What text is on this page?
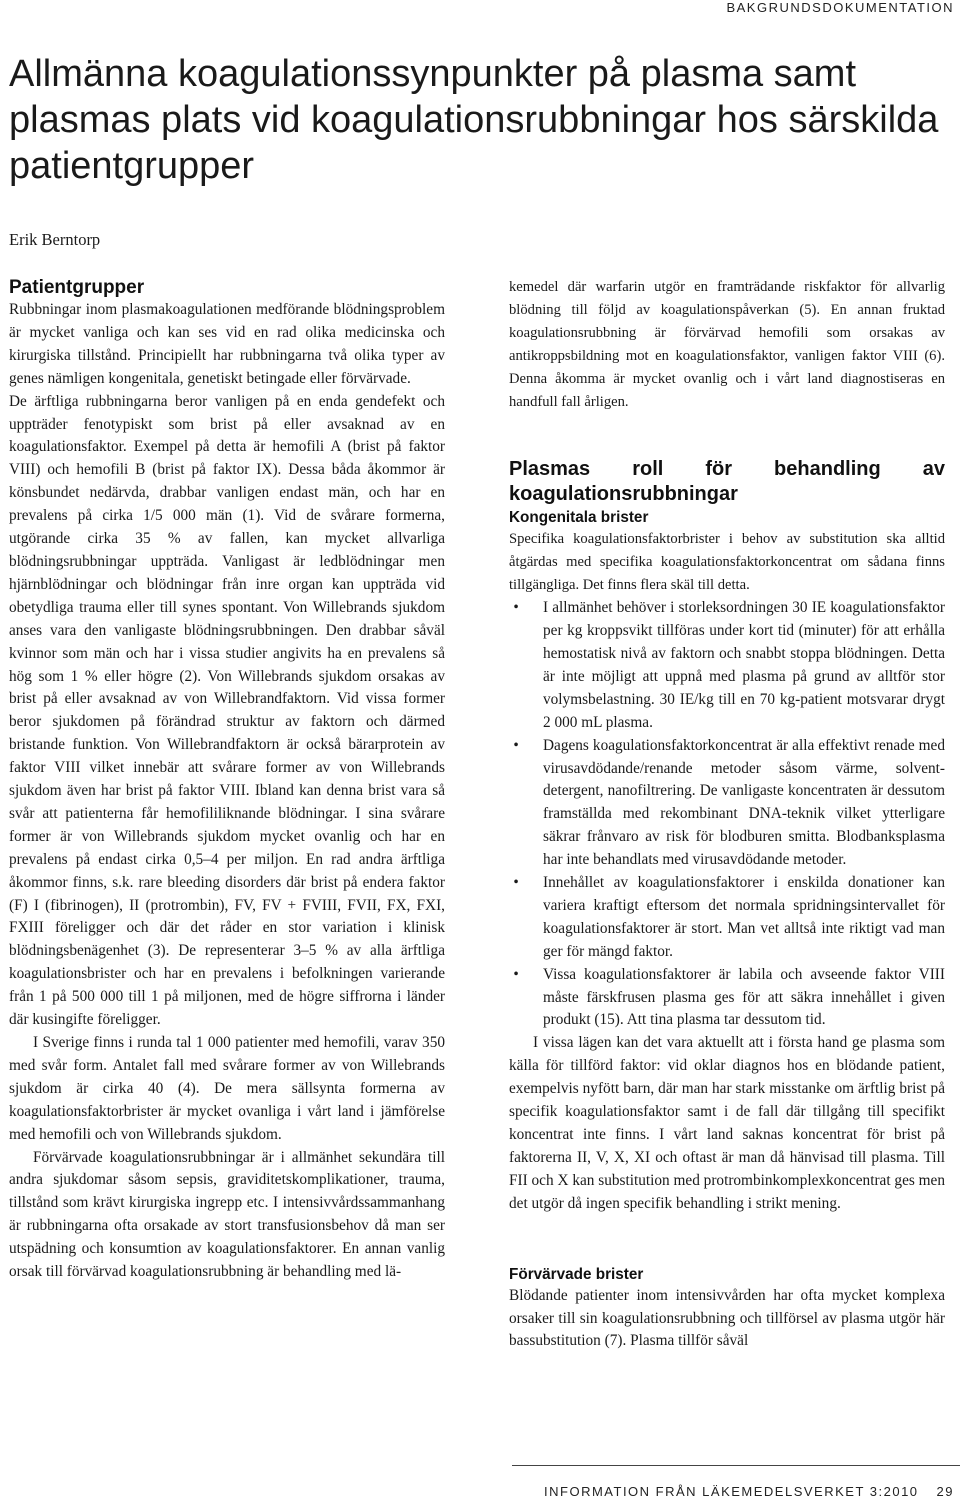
BAKGRUNDSDOKUMENTATION
Allmänna koagulationssynpunkter på plasma samt plasmas plats vid koagulationsrubbningar hos särskilda patientgrupper
Erik Berntorp
Patientgrupper

Rubbningar inom plasmakoagulationen medförande blödningsproblem är mycket vanliga och kan ses vid en rad olika medicinska och kirurgiska tillstånd. Principiellt har rubbningarna två olika typer av genes nämligen kongenitala, genetiskt betingade eller förvärvade.

De ärftliga rubbningarna beror vanligen på en enda gendefekt och uppträder fenotypiskt som brist på eller avsaknad av en koagulationsfaktor. Exempel på detta är hemofili A (brist på faktor VIII) och hemofili B (brist på faktor IX). Dessa båda åkommor är könsbundet nedärvda, drabbar vanligen endast män, och har en prevalens på cirka 1/5 000 män (1). Vid de svårare formerna, utgörande cirka 35 % av fallen, kan mycket allvarliga blödningsrubbningar uppträda. Vanligast är ledblödningar men hjärnblödningar och blödningar från inre organ kan uppträda vid obetydliga trauma eller till synes spontant. Von Willebrands sjukdom anses vara den vanligaste blödningsrubbningen. Den drabbar såväl kvinnor som män och har i vissa studier angivits ha en prevalens så hög som 1 % eller högre (2). Von Willebrands sjukdom orsakas av brist på eller avsaknad av von Willebrandfaktorn. Vid vissa former beror sjukdomen på förändrad struktur av faktorn och därmed bristande funktion. Von Willebrandfaktorn är också bärarprotein av faktor VIII vilket innebär att svårare former av von Willebrands sjukdom även har brist på faktor VIII. Ibland kan denna brist vara så svår att patienterna får hemofililiknande blödningar. I sina svårare former är von Willebrands sjukdom mycket ovanlig och har en prevalens på endast cirka 0,5–4 per miljon. En rad andra ärftliga åkommor finns, s.k. rare bleeding disorders där brist på endera faktor (F) I (fibrinogen), II (protrombin), FV, FV + FVIII, FVII, FX, FXI, FXIII föreligger och där det råder en stor variation i klinisk blödningsbenägenhet (3). De representerar 3–5 % av alla ärftliga koagulationsbrister och har en prevalens i befolkningen varierande från 1 på 500 000 till 1 på miljonen, med de högre siffrorna i länder där kusingifte föreligger.

I Sverige finns i runda tal 1 000 patienter med hemofili, varav 350 med svår form. Antalet fall med svårare former av von Willebrands sjukdom är cirka 40 (4). De mera sällsynta formerna av koagulationsfaktorbrister är mycket ovanliga i vårt land i jämförelse med hemofili och von Willebrands sjukdom.

Förvärvade koagulationsrubbningar är i allmänhet sekundära till andra sjukdomar såsom sepsis, graviditetskomplikationer, trauma, tillstånd som krävt kirurgiska ingrepp etc. I intensivvårdssammanhang är rubbningarna ofta orsakade av stort transfusionsbehov då man ser utspädning och konsumtion av koagulationsfaktorer. En annan vanlig orsak till förvärvad koagulationsrubbning är behandling med lä-

kemedel där warfarin utgör en framträdande riskfaktor för allvarlig blödning till följd av koagulationspåverkan (5). En annan fruktad koagulationsrubbning är förvärvad hemofili som orsakas av antikroppsbildning mot en koagulationsfaktor, vanligen faktor VIII (6). Denna åkomma är mycket ovanlig och i vårt land diagnostiseras en handfull fall årligen.

Plasmas roll för behandling av koagulationsrubbningar
Kongenitala brister

Specifika koagulationsfaktorbrister i behov av substitution ska alltid åtgärdas med specifika koagulationsfaktorkoncentrat om sådana finns tillgängliga. Det finns flera skäl till detta.

• I allmänhet behöver i storleksordningen 30 IE koagulationsfaktor per kg kroppsvikt tillföras under kort tid (minuter) för att erhålla hemostatisk nivå av faktorn och snabbt stoppa blödningen. Detta är inte möjligt att uppnå med plasma på grund av alltför stor volymsbelastning. 30 IE/kg till en 70 kg-patient motsvarar drygt 2 000 mL plasma.
• Dagens koagulationsfaktorkoncentrat är alla effektivt renade med virusavdödande/renande metoder såsom värme, solvent-detergent, nanofiltrering. De vanligaste koncentraten är dessutom framställda med rekombinant DNA-teknik vilket ytterligare säkrar frånvaro av risk för blodburen smitta. Blodbanksplasma har inte behandlats med virusavdödande metoder.
• Innehållet av koagulationsfaktorer i enskilda donationer kan variera kraftigt eftersom det normala spridningsintervallet för koagulationsfaktorer är stort. Man vet alltså inte riktigt vad man ger för mängd faktor.
• Vissa koagulationsfaktorer är labila och avseende faktor VIII måste färskfrusen plasma ges för att säkra innehållet i given produkt (15). Att tina plasma tar dessutom tid.

I vissa lägen kan det vara aktuellt att i första hand ge plasma som källa för tillförd faktor: vid oklar diagnos hos en blödande patient, exempelvis nyfött barn, där man har stark misstanke om ärftlig brist på specifik koagulationsfaktor samt i de fall där tillgång till specifikt koncentrat inte finns. I vårt land saknas koncentrat för brist på faktorerna II, V, X, XI och oftast är man då hänvisad till plasma. Till FII och X kan substitution med protrombinkomplexkoncentrat ges men det utgör då ingen specifik behandling i strikt mening.

Förvärvade brister

Blödande patienter inom intensivvården har ofta mycket komplexa orsaker till sin koagulationsrubbning och tillförsel av plasma utgör här bassubstitution (7). Plasma tillför såväl

INFORMATION FRÅN LÄKEMEDELSVERKET 3:2010 29
